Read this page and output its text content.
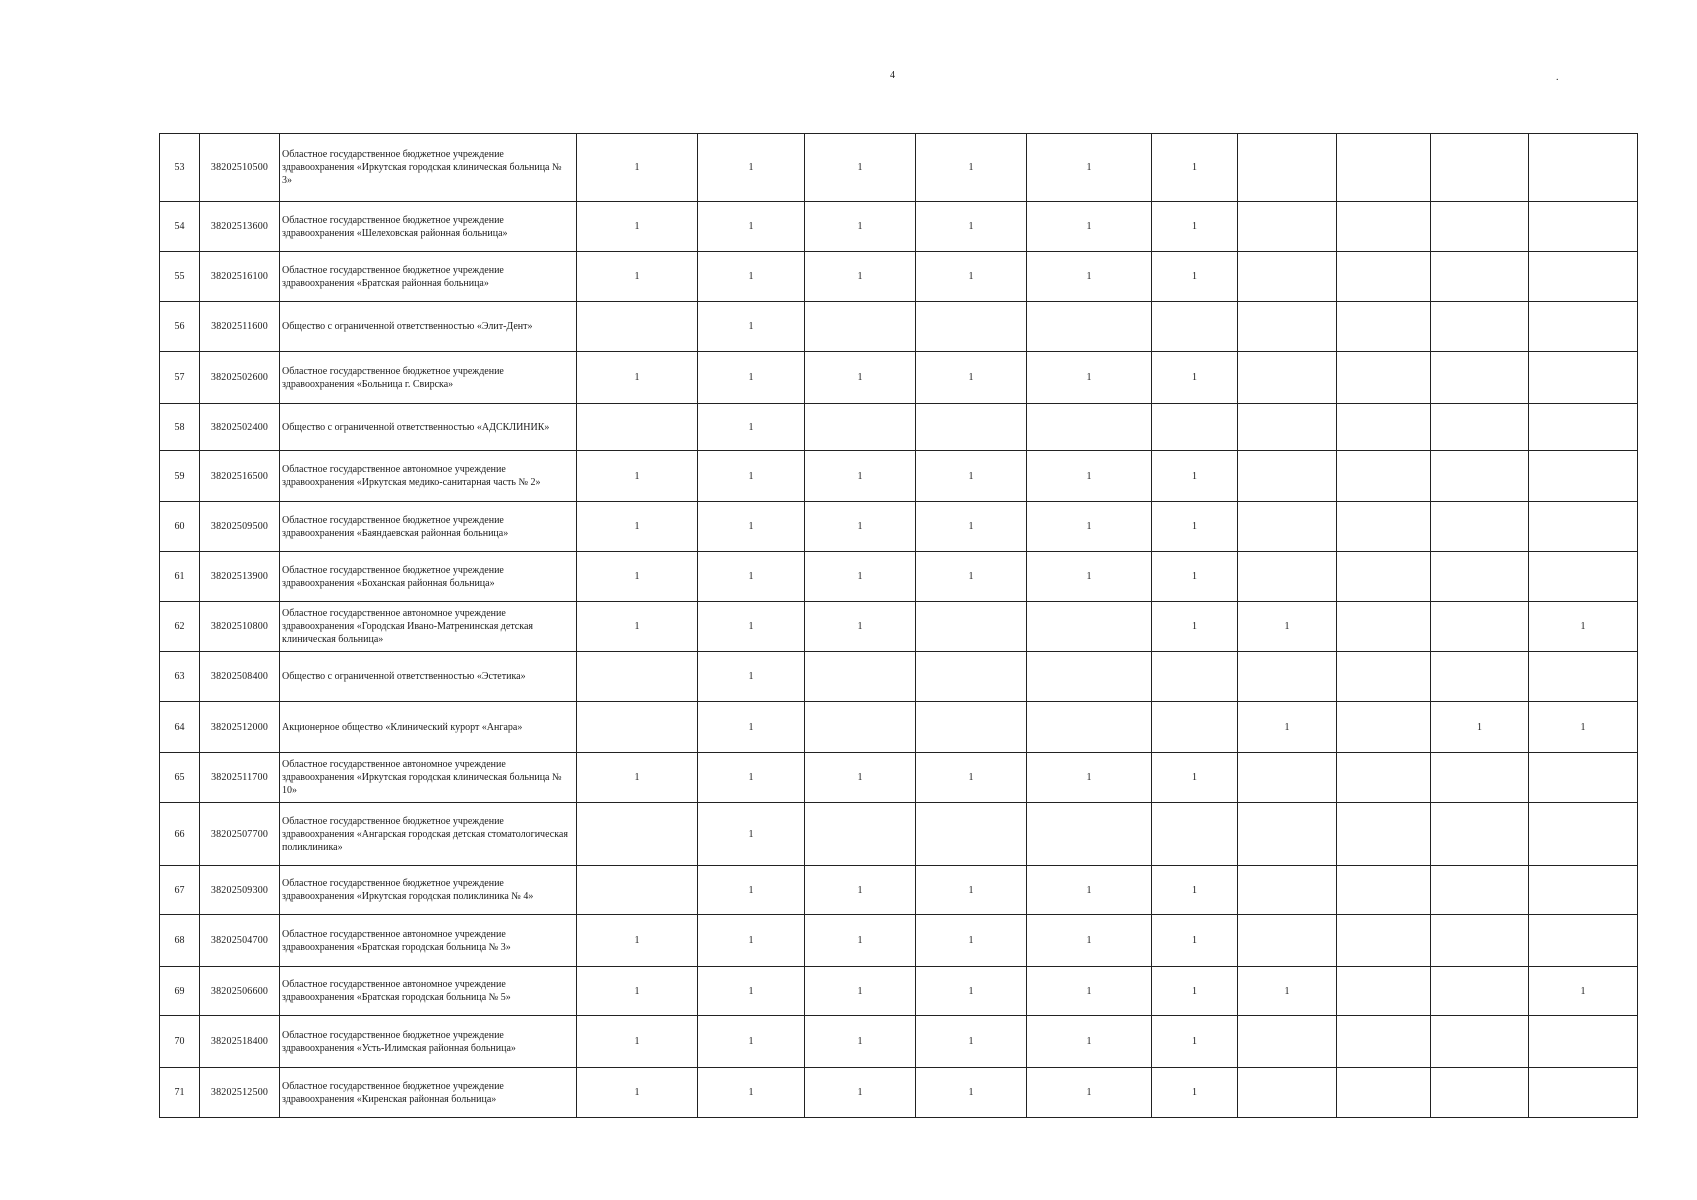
4	.
53	38202510500	Областное государственное бюджетное учреждение здравоохранения «Иркутская городская клиническая больница № 3»	1	1	1	1	1	1				
54	38202513600	Областное государственное бюджетное учреждение здравоохранения «Шелеховская районная больница»	1	1	1	1	1	1				
55	38202516100	Областное государственное бюджетное учреждение здравоохранения «Братская районная больница»	1	1	1	1	1	1				
56	38202511600	Общество с ограниченной ответственностью «Элит-Дент»		1								
57	38202502600	Областное государственное бюджетное учреждение здравоохранения «Больница г. Свирска»	1	1	1	1	1	1				
58	38202502400	Общество с ограниченной ответственностью «АДСКЛИНИК»		1								
59	38202516500	Областное государственное автономное учреждение здравоохранения «Иркутская медико-санитарная часть № 2»	1	1	1	1	1	1				
60	38202509500	Областное государственное бюджетное учреждение здравоохранения «Баяндаевская районная больница»	1	1	1	1	1	1				
61	38202513900	Областное государственное бюджетное учреждение здравоохранения «Боханская районная больница»	1	1	1	1	1	1				
62	38202510800	Областное государственное автономное учреждение здравоохранения «Городская Ивано-Матренинская детская клиническая больница»	1	1	1			1	1			1
63	38202508400	Общество с ограниченной ответственностью «Эстетика»		1								
64	38202512000	Акционерное общество «Клинический курорт «Ангара»		1					1		1	1
65	38202511700	Областное государственное автономное учреждение здравоохранения «Иркутская городская клиническая больница № 10»	1	1	1	1	1	1				
66	38202507700	Областное государственное бюджетное учреждение здравоохранения «Ангарская городская детская стоматологическая поликлиника»		1								
67	38202509300	Областное государственное бюджетное учреждение здравоохранения «Иркутская городская поликлиника № 4»		1	1	1	1	1				
68	38202504700	Областное государственное автономное учреждение здравоохранения «Братская городская больница № 3»	1	1	1	1	1	1				
69	38202506600	Областное государственное автономное учреждение здравоохранения «Братская городская больница № 5»	1	1	1	1	1	1	1			1
70	38202518400	Областное государственное бюджетное учреждение здравоохранения «Усть-Илимская районная больница»	1	1	1	1	1	1				
71	38202512500	Областное государственное бюджетное учреждение здравоохранения «Киренская районная больница»	1	1	1	1	1	1				
